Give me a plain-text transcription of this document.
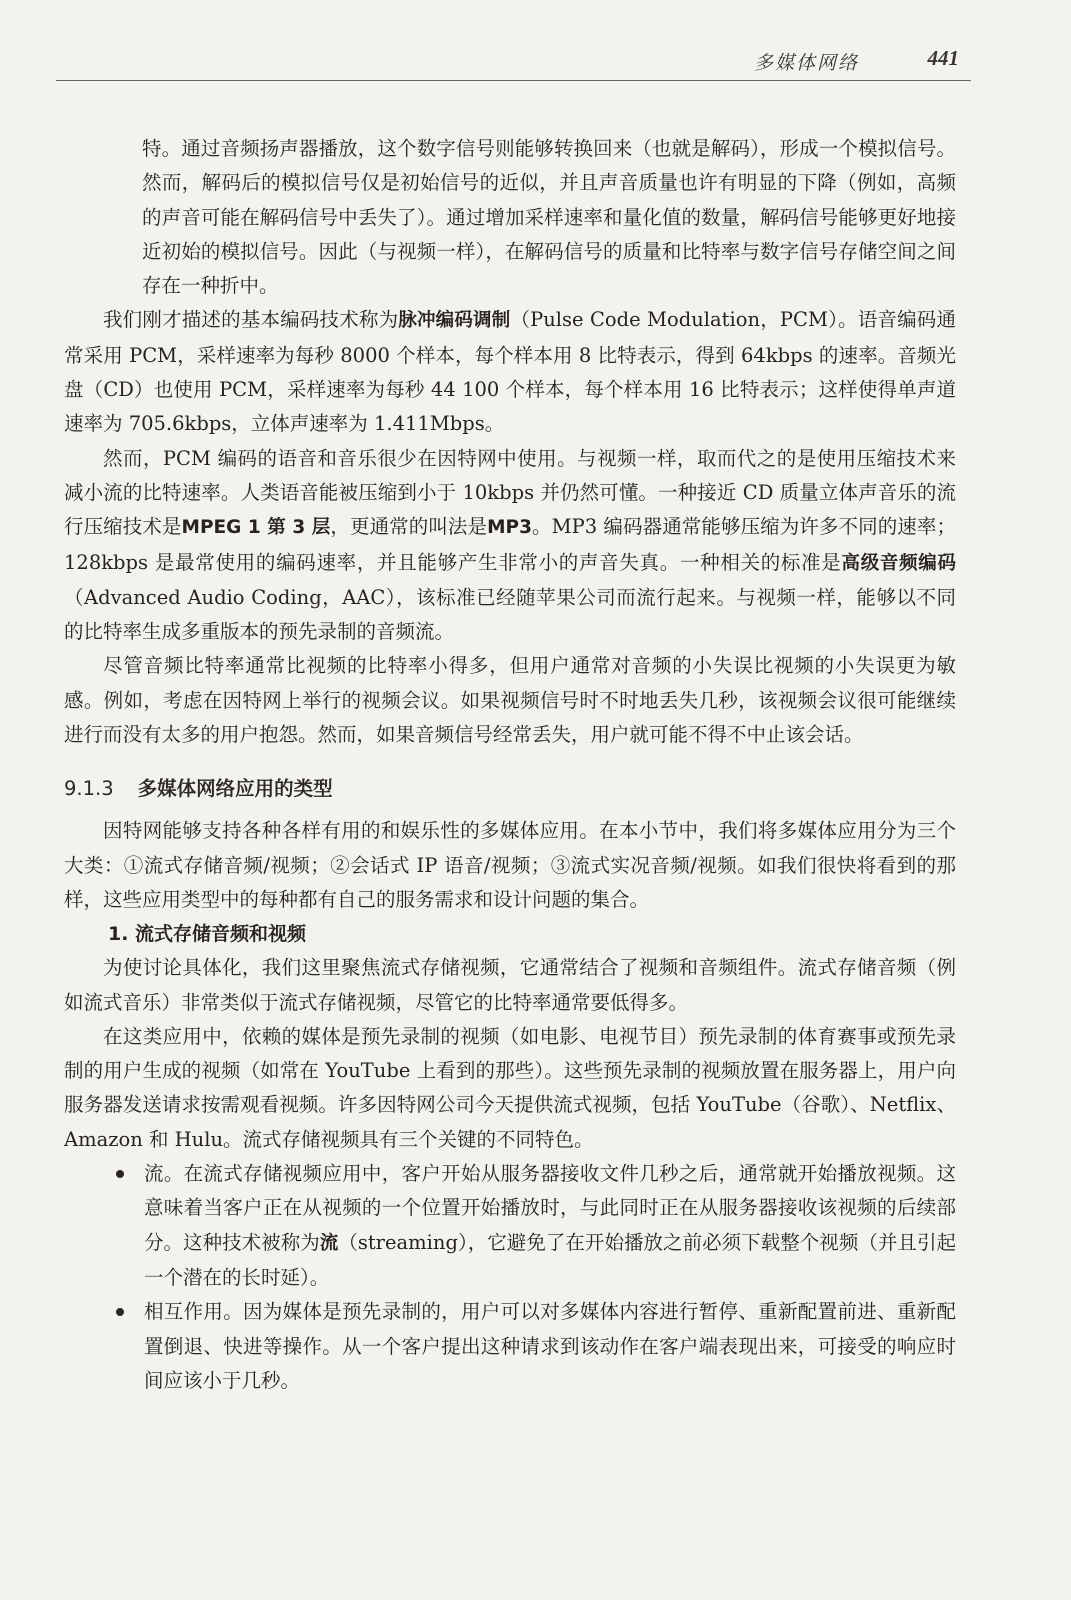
多媒体网络	441

特。通过音频扬声器播放，这个数字信号则能够转换回来（也就是解码），形成一个模拟信号。然而，解码后的模拟信号仅是初始信号的近似，并且声音质量也许有明显的下降（例如，高频的声音可能在解码信号中丢失了）。通过增加采样速率和量化值的数量，解码信号能够更好地接近初始的模拟信号。因此（与视频一样），在解码信号的质量和比特率与数字信号存储空间之间存在一种折中。

我们刚才描述的基本编码技术称为脉冲编码调制（Pulse Code Modulation，PCM）。语音编码通常采用 PCM，采样速率为每秒 8000 个样本，每个样本用 8 比特表示，得到 64kbps 的速率。音频光盘（CD）也使用 PCM，采样速率为每秒 44 100 个样本，每个样本用 16 比特表示；这样使得单声道速率为 705.6kbps，立体声速率为 1.411Mbps。

然而，PCM 编码的语音和音乐很少在因特网中使用。与视频一样，取而代之的是使用压缩技术来减小流的比特速率。人类语音能被压缩到小于 10kbps 并仍然可懂。一种接近 CD 质量立体声音乐的流行压缩技术是MPEG 1 第 3 层，更通常的叫法是MP3。MP3 编码器通常能够压缩为许多不同的速率；128kbps 是最常使用的编码速率，并且能够产生非常小的声音失真。一种相关的标准是高级音频编码（Advanced Audio Coding，AAC），该标准已经随苹果公司而流行起来。与视频一样，能够以不同的比特率生成多重版本的预先录制的音频流。

尽管音频比特率通常比视频的比特率小得多，但用户通常对音频的小失误比视频的小失误更为敏感。例如，考虑在因特网上举行的视频会议。如果视频信号时不时地丢失几秒，该视频会议很可能继续进行而没有太多的用户抱怨。然而，如果音频信号经常丢失，用户就可能不得不中止该会话。

9.1.3 多媒体网络应用的类型

因特网能够支持各种各样有用的和娱乐性的多媒体应用。在本小节中，我们将多媒体应用分为三个大类：①流式存储音频/视频；②会话式 IP 语音/视频；③流式实况音频/视频。如我们很快将看到的那样，这些应用类型中的每种都有自己的服务需求和设计问题的集合。

1. 流式存储音频和视频

为使讨论具体化，我们这里聚焦流式存储视频，它通常结合了视频和音频组件。流式存储音频（例如流式音乐）非常类似于流式存储视频，尽管它的比特率通常要低得多。

在这类应用中，依赖的媒体是预先录制的视频（如电影、电视节目）预先录制的体育赛事或预先录制的用户生成的视频（如常在 YouTube 上看到的那些）。这些预先录制的视频放置在服务器上，用户向服务器发送请求按需观看视频。许多因特网公司今天提供流式视频，包括 YouTube（谷歌）、Netflix、Amazon 和 Hulu。流式存储视频具有三个关键的不同特色。

流。在流式存储视频应用中，客户开始从服务器接收文件几秒之后，通常就开始播放视频。这意味着当客户正在从视频的一个位置开始播放时，与此同时正在从服务器接收该视频的后续部分。这种技术被称为流（streaming），它避免了在开始播放之前必须下载整个视频（并且引起一个潜在的长时延）。

相互作用。因为媒体是预先录制的，用户可以对多媒体内容进行暂停、重新配置前进、重新配置倒退、快进等操作。从一个客户提出这种请求到该动作在客户端表现出来，可接受的响应时间应该小于几秒。
